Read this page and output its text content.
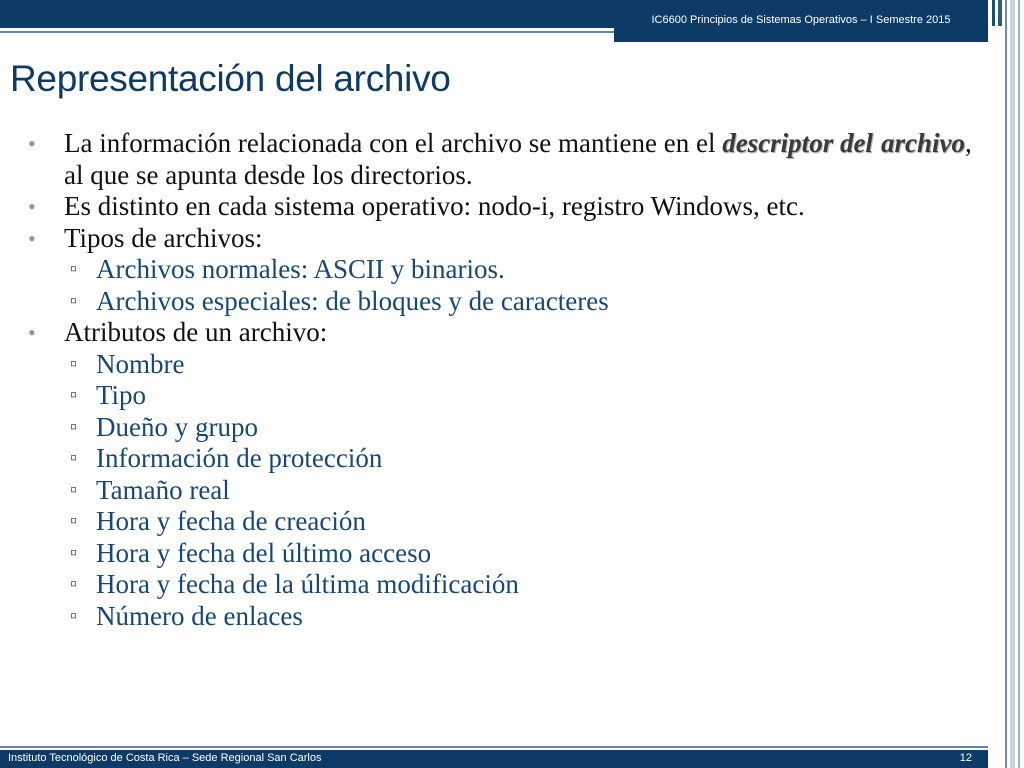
IC6600 Principios de Sistemas Operativos – I Semestre 2015
Representación del archivo
• La información relacionada con el archivo se mantiene en el descriptor del archivo, al que se apunta desde los directorios.
• Es distinto en cada sistema operativo: nodo-i, registro Windows, etc.
• Tipos de archivos:
▫ Archivos normales: ASCII y binarios.
▫ Archivos especiales: de bloques y de caracteres
• Atributos de un archivo:
▫ Nombre
▫ Tipo
▫ Dueño y grupo
▫ Información de protección
▫ Tamaño real
▫ Hora y fecha de creación
▫ Hora y fecha del último acceso
▫ Hora y fecha de la última modificación
▫ Número de enlaces
Instituto Tecnológico de Costa Rica – Sede Regional San Carlos	12
